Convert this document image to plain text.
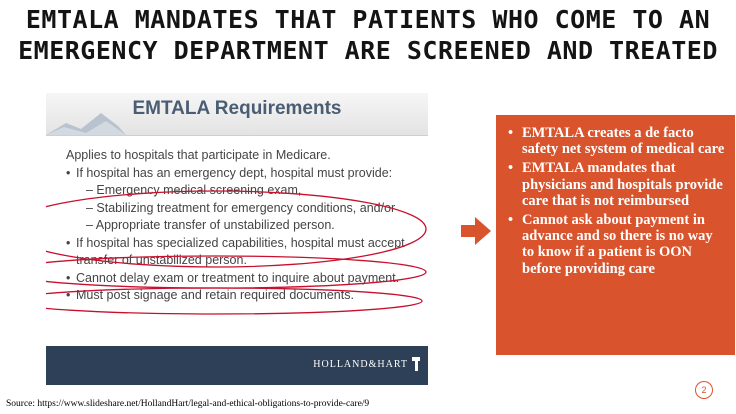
EMTALA MANDATES THAT PATIENTS WHO COME TO AN
EMERGENCY DEPARTMENT ARE SCREENED AND TREATED
EMTALA Requirements
Applies to hospitals that participate in Medicare.
• If hospital has an emergency dept, hospital must provide:
– Emergency medical screening exam,
– Stabilizing treatment for emergency conditions, and/or
– Appropriate transfer of unstabilized person.
• If hospital has specialized capabilities, hospital must accept
transfer of unstabilized person.
• Cannot delay exam or treatment to inquire about payment.
• Must post signage and retain required documents.
HOLLAND&HART
• EMTALA creates a de facto safety net system of medical care
• EMTALA mandates that physicians and hospitals provide care that is not reimbursed
• Cannot ask about payment in advance and so there is no way to know if a patient is OON before providing care
Source: https://www.slideshare.net/HollandHart/legal-and-ethical-obligations-to-provide-care/9
2
